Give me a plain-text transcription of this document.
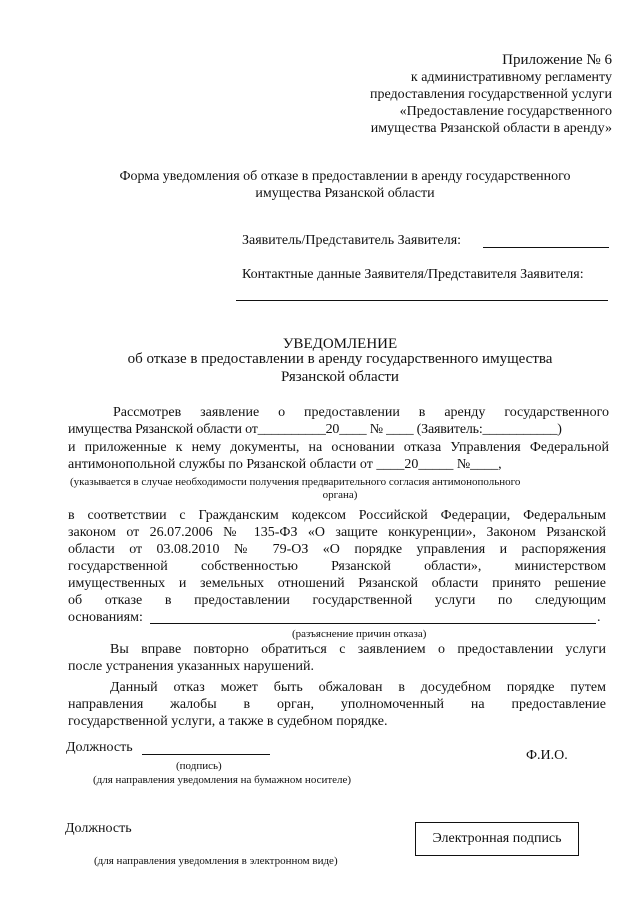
Приложение № 6
к административному регламенту
предоставления государственной услуги
«Предоставление государственного
имущества Рязанской области в аренду»
Форма уведомления об отказе в предоставлении в аренду государственного
имущества Рязанской области
Заявитель/Представитель Заявителя:
Контактные данные Заявителя/Представителя Заявителя:
УВЕДОМЛЕНИЕ
об отказе в предоставлении в аренду государственного имущества
Рязанской области
Рассмотрев заявление о предоставлении в аренду государственного
имущества Рязанской области от__________20____ № ____ (Заявитель:___________)
и приложенные к нему документы, на основании отказа Управления Федеральной
антимонопольной службы по Рязанской области от ____20_____ №____,
(указывается в случае необходимости получения предварительного согласия антимонопольного
органа)
в соответствии с Гражданским кодексом Российской Федерации, Федеральным
законом от 26.07.2006 № 135-ФЗ «О защите конкуренции», Законом Рязанской
области от 03.08.2010 № 79-ОЗ «О порядке управления и распоряжения
государственной собственностью Рязанской области», министерством
имущественных и земельных отношений Рязанской области принято решение
об отказе в предоставлении государственной услуги по следующим
основаниям:	.
(разъяснение причин отказа)
Вы вправе повторно обратиться с заявлением о предоставлении услуги
после устранения указанных нарушений.
Данный отказ может быть обжалован в досудебном порядке путем
направления жалобы в орган, уполномоченный на предоставление
государственной услуги, а также в судебном порядке.
Должность
Ф.И.О.
(подпись)
(для направления уведомления на бумажном носителе)
Должность
Электронная подпись
(для направления уведомления в электронном виде)
